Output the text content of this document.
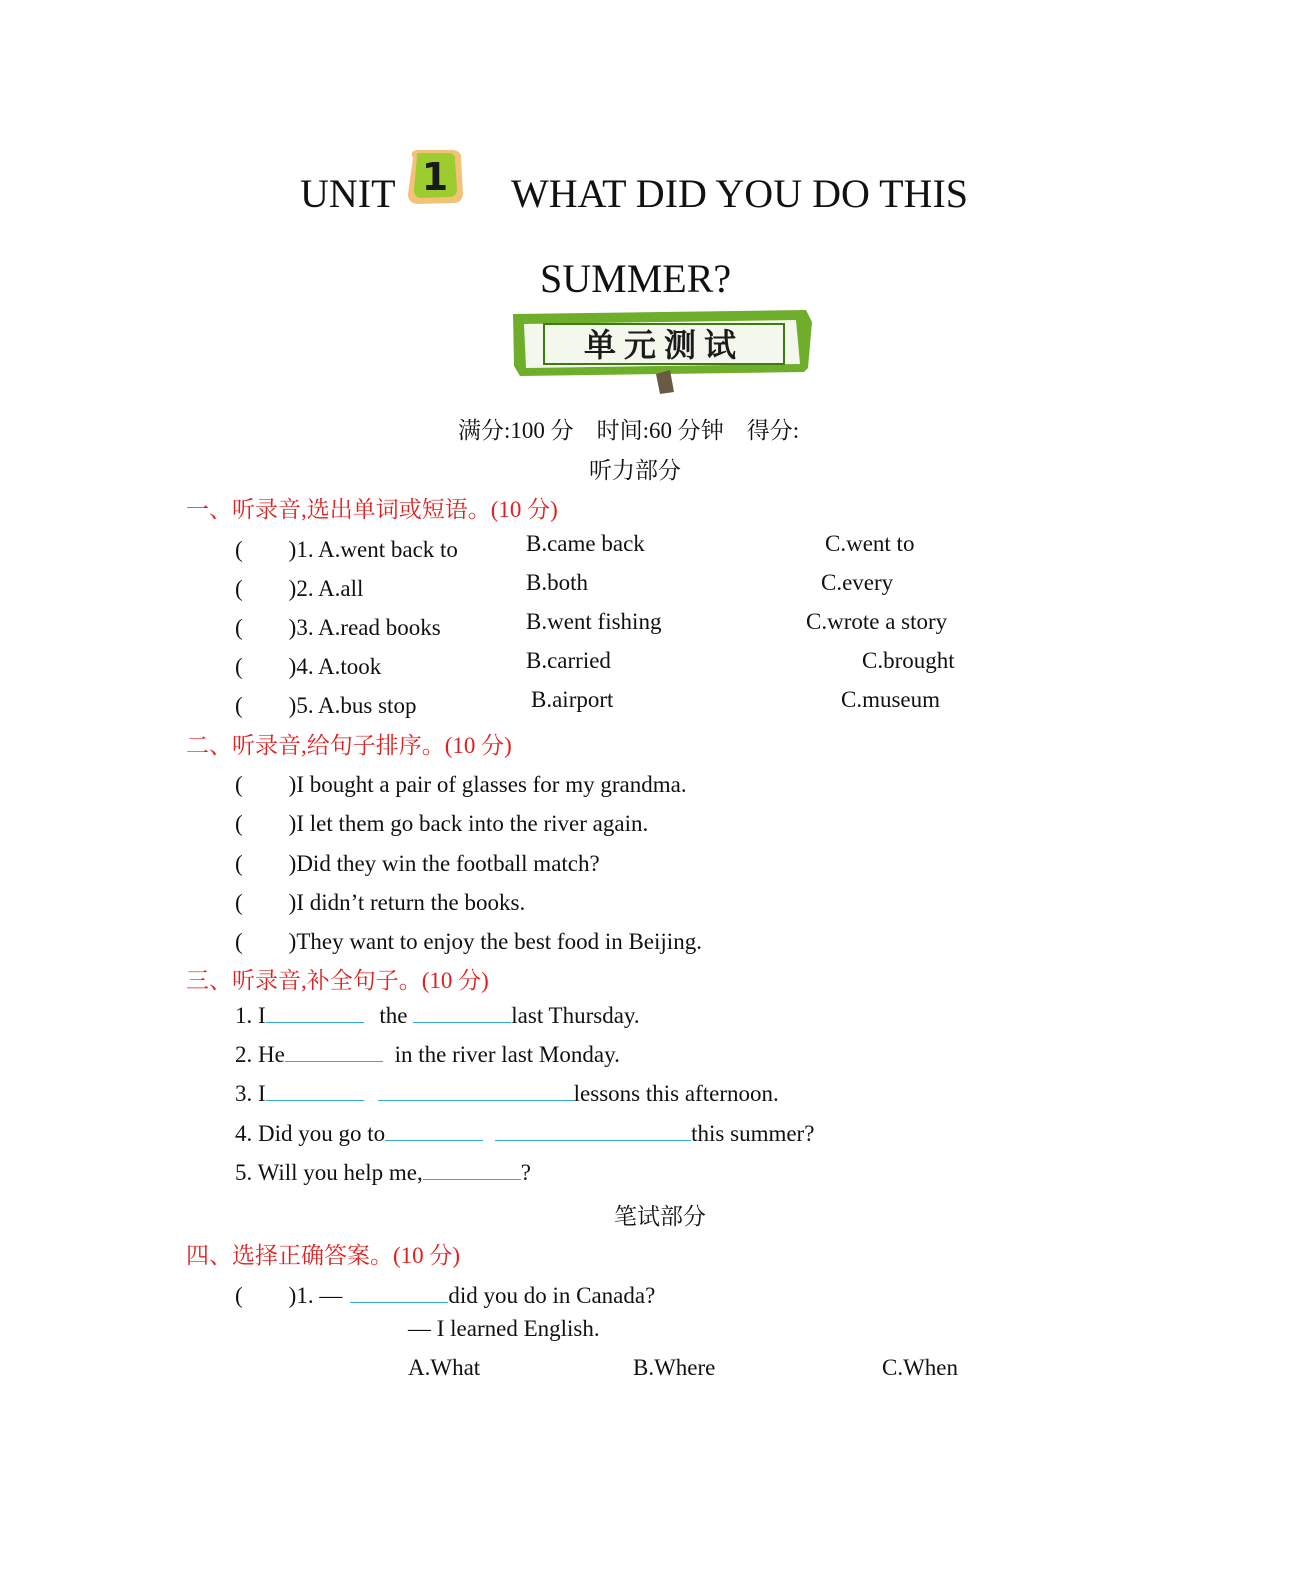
UNIT 1 WHAT DID YOU DO THIS
SUMMER?
单元测试
满分:100 分　时间:60 分钟　得分:
听力部分
一、听录音,选出单词或短语。(10 分)
(　　)1. A.went back to	B.came back	C.went to
(　　)2. A.all	B.both	C.every
(　　)3. A.read books	B.went fishing	C.wrote a story
(　　)4. A.took	B.carried	C.brought
(　　)5. A.bus stop	B.airport	C.museum
二、听录音,给句子排序。(10 分)
(　　)I bought a pair of glasses for my grandma.
(　　)I let them go back into the river again.
(　　)Did they win the football match?
(　　)I didn’t return the books.
(　　)They want to enjoy the best food in Beijing.
三、听录音,补全句子。(10 分)
1. I	the	last Thursday.
2. He	in the river last Monday.
3. I	lessons this afternoon.
4. Did you go to	this summer?
5. Will you help me,	?
笔试部分
四、选择正确答案。(10 分)
(　　)1. —	did you do in Canada?
— I learned English.
A.What	B.Where	C.When
